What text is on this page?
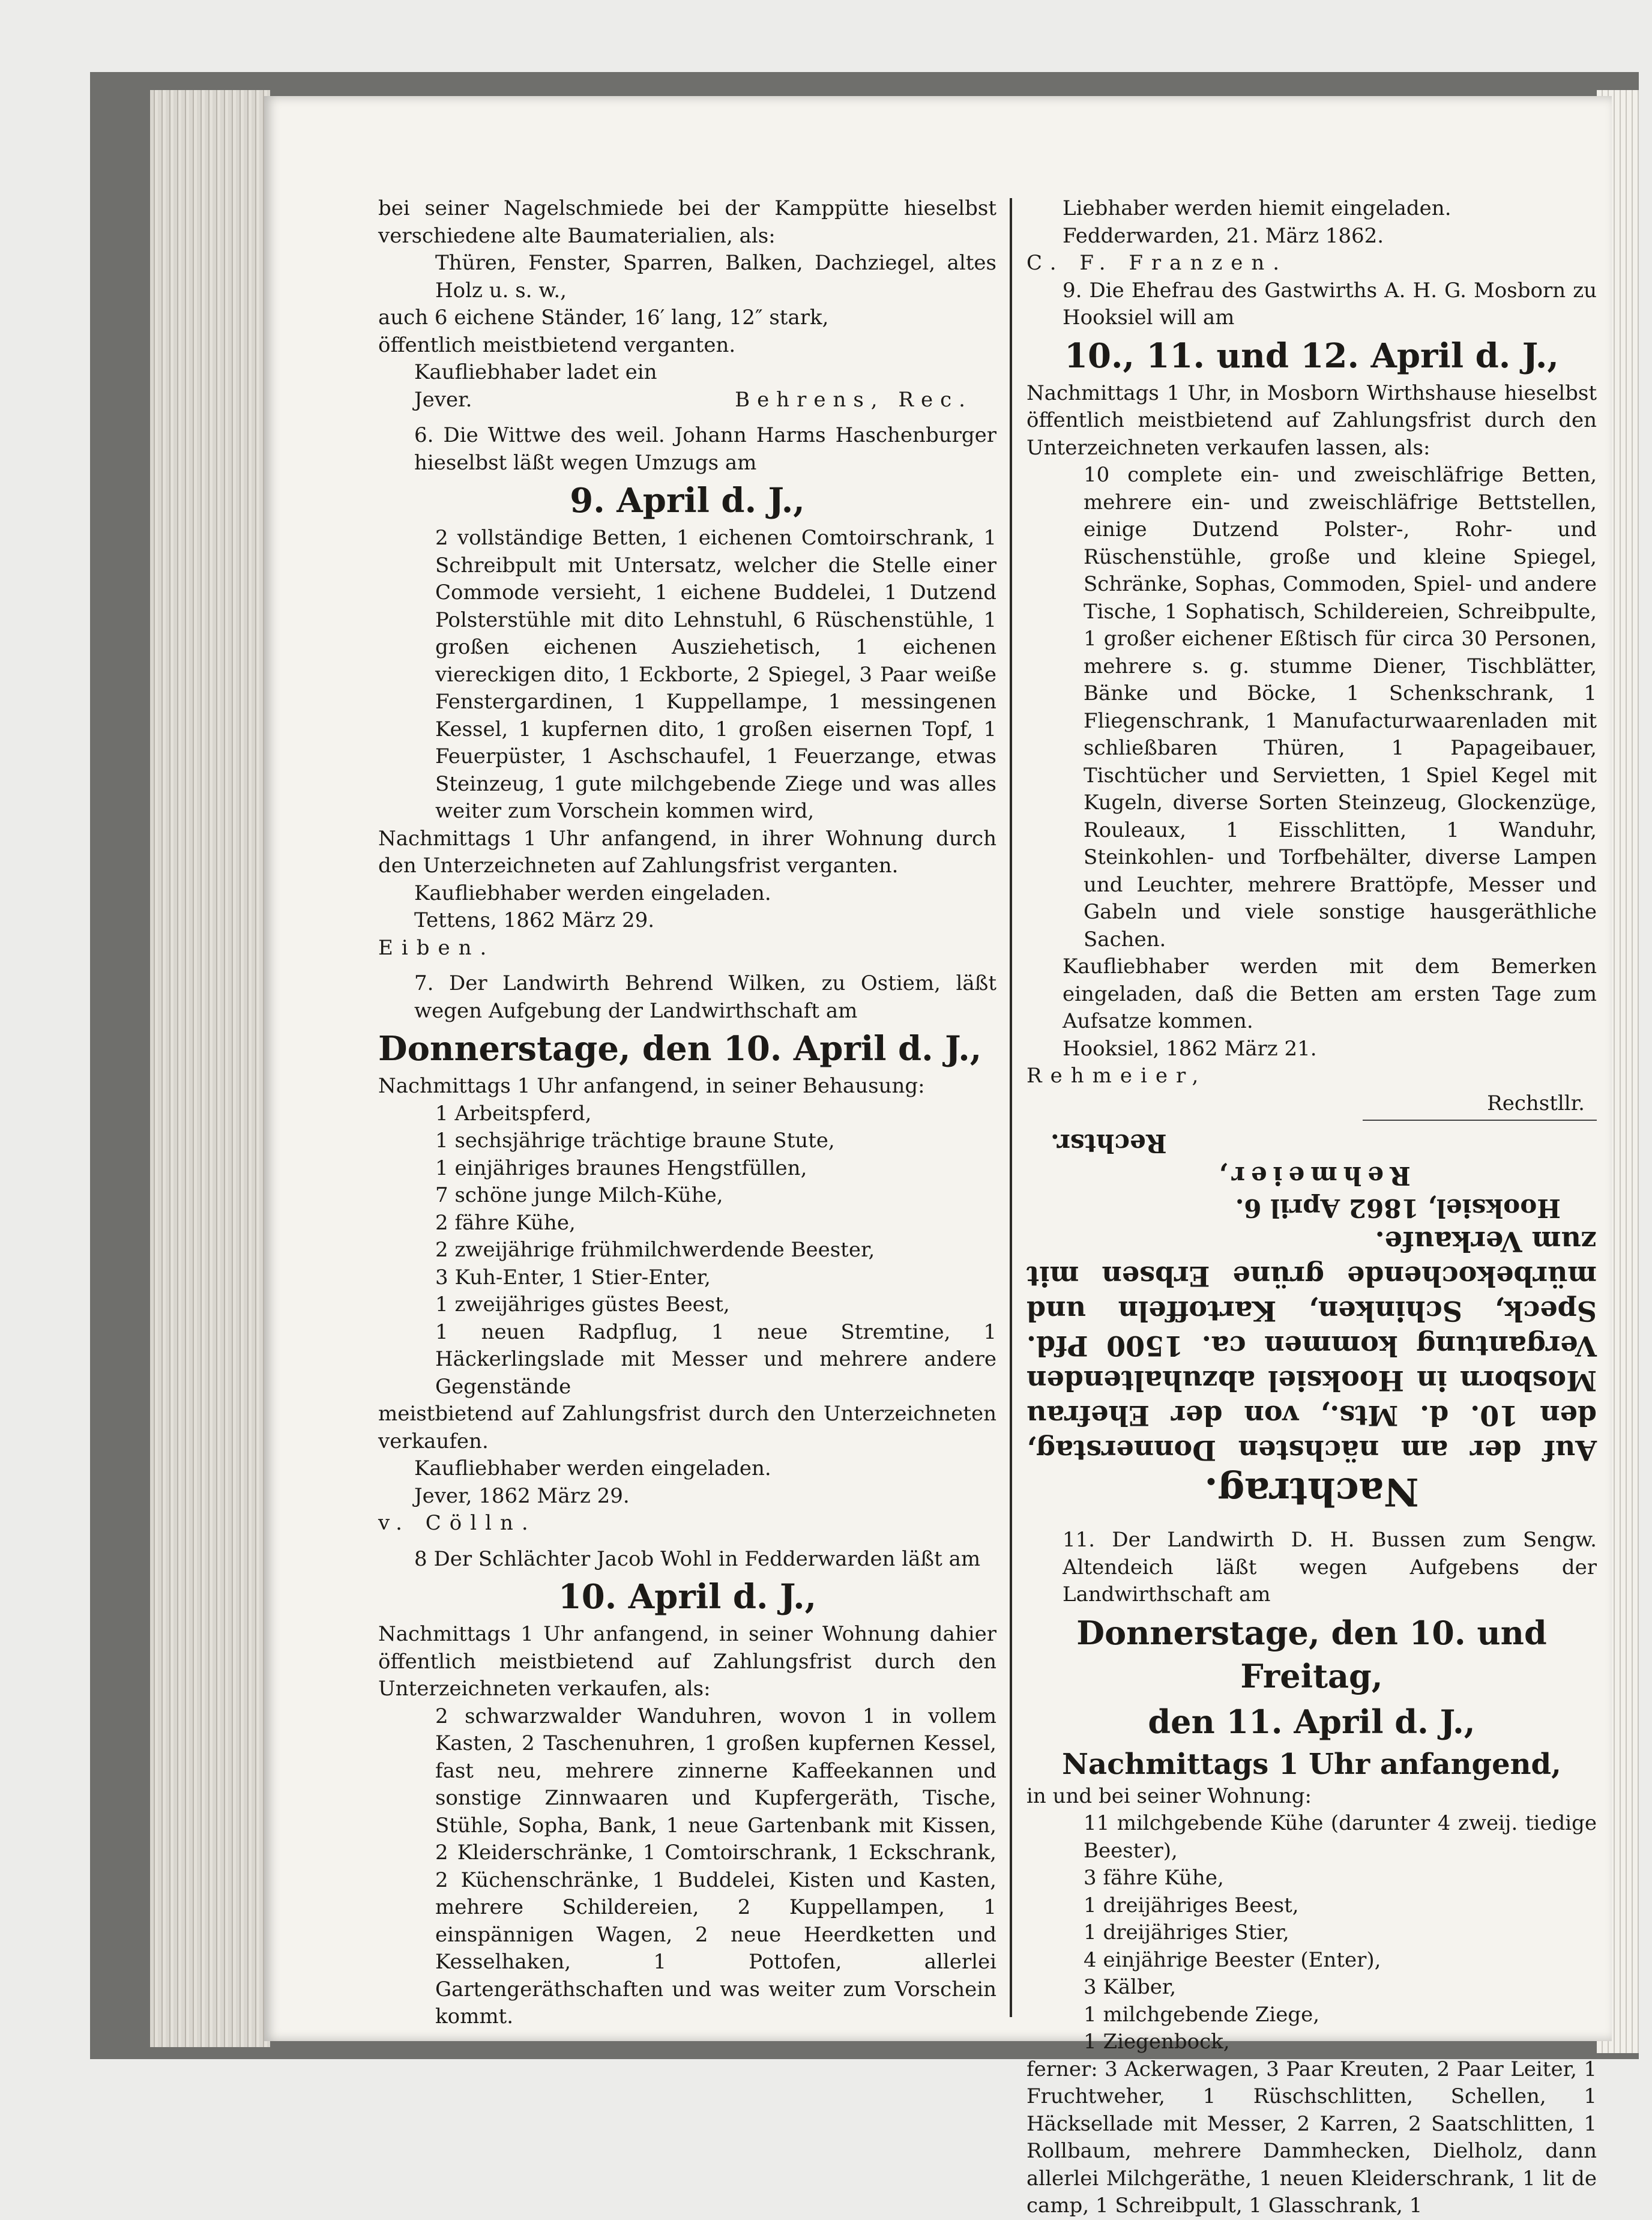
bei seiner Nagelschmiede bei der Kamppütte hieselbst verschiedene alte Baumaterialien, als:

Thüren, Fenster, Sparren, Balken, Dachziegel, altes Holz u. s. w.,

auch 6 eichene Ständer, 16′ lang, 12″ stark,

öffentlich meistbietend verganten.

Kaufliebhaber ladet ein

Jever.	Behrens, Rec.

6. Die Wittwe des weil. Johann Harms Haschenburger hieselbst läßt wegen Umzugs am

9. April d. J.,

2 vollständige Betten, 1 eichenen Comtoirschrank, 1 Schreibpult mit Untersatz, welcher die Stelle einer Commode versieht, 1 eichene Buddelei, 1 Dutzend Polsterstühle mit dito Lehnstuhl, 6 Rüschenstühle, 1 großen eichenen Ausziehetisch, 1 eichenen viereckigen dito, 1 Eckborte, 2 Spiegel, 3 Paar weiße Fenstergardinen, 1 Kuppellampe, 1 messingenen Kessel, 1 kupfernen dito, 1 großen eisernen Topf, 1 Feuerpüster, 1 Aschschaufel, 1 Feuerzange, etwas Steinzeug, 1 gute milchgebende Ziege und was alles weiter zum Vorschein kommen wird,

Nachmittags 1 Uhr anfangend, in ihrer Wohnung durch den Unterzeichneten auf Zahlungsfrist verganten.

Kaufliebhaber werden eingeladen.

Tettens, 1862 März 29.

Eiben.

7. Der Landwirth Behrend Wilken, zu Ostiem, läßt wegen Aufgebung der Landwirthschaft am

Donnerstage, den 10. April d. J.,

Nachmittags 1 Uhr anfangend, in seiner Behausung:

1 Arbeitspferd,

1 sechsjährige trächtige braune Stute,

1 einjähriges braunes Hengstfüllen,

7 schöne junge Milch-Kühe,

2 fähre Kühe,

2 zweijährige frühmilchwerdende Beester,

3 Kuh-Enter, 1 Stier-Enter,

1 zweijähriges güstes Beest,

1 neuen Radpflug, 1 neue Stremtine, 1 Häckerlingslade mit Messer und mehrere andere Gegenstände

meistbietend auf Zahlungsfrist durch den Unterzeichneten verkaufen.

Kaufliebhaber werden eingeladen.

Jever, 1862 März 29.

v. Cölln.

8 Der Schlächter Jacob Wohl in Fedderwarden läßt am

10. April d. J.,

Nachmittags 1 Uhr anfangend, in seiner Wohnung dahier öffentlich meistbietend auf Zahlungsfrist durch den Unterzeichneten verkaufen, als:

2 schwarzwalder Wanduhren, wovon 1 in vollem Kasten, 2 Taschenuhren, 1 großen kupfernen Kessel, fast neu, mehrere zinnerne Kaffeekannen und sonstige Zinnwaaren und Kupfergeräth, Tische, Stühle, Sopha, Bank, 1 neue Gartenbank mit Kissen, 2 Kleiderschränke, 1 Comtoirschrank, 1 Eckschrank, 2 Küchenschränke, 1 Buddelei, Kisten und Kasten, mehrere Schildereien, 2 Kuppellampen, 1 einspännigen Wagen, 2 neue Heerdketten und Kesselhaken, 1 Pottofen, allerlei Gartengeräthschaften und was weiter zum Vorschein kommt.

Liebhaber werden hiemit eingeladen.

Fedderwarden, 21. März 1862.

C. F. Franzen.

9. Die Ehefrau des Gastwirths A. H. G. Mosborn zu Hooksiel will am

10., 11. und 12. April d. J.,

Nachmittags 1 Uhr, in Mosborn Wirthshause hieselbst öffentlich meistbietend auf Zahlungsfrist durch den Unterzeichneten verkaufen lassen, als:

10 complete ein- und zweischläfrige Betten, mehrere ein- und zweischläfrige Bettstellen, einige Dutzend Polster-, Rohr- und Rüschenstühle, große und kleine Spiegel, Schränke, Sophas, Commoden, Spiel- und andere Tische, 1 Sophatisch, Schildereien, Schreibpulte, 1 großer eichener Eßtisch für circa 30 Personen, mehrere s. g. stumme Diener, Tischblätter, Bänke und Böcke, 1 Schenkschrank, 1 Fliegenschrank, 1 Manufacturwaarenladen mit schließbaren Thüren, 1 Papageibauer, Tischtücher und Servietten, 1 Spiel Kegel mit Kugeln, diverse Sorten Steinzeug, Glockenzüge, Rouleaux, 1 Eisschlitten, 1 Wanduhr, Steinkohlen- und Torfbehälter, diverse Lampen und Leuchter, mehrere Brattöpfe, Messer und Gabeln und viele sonstige hausgeräthliche Sachen.

Kaufliebhaber werden mit dem Bemerken eingeladen, daß die Betten am ersten Tage zum Aufsatze kommen.

Hooksiel, 1862 März 21.

Rehmeier,

Rechstllr.

Nachtrag.
Auf der am nächsten Donnerstag, den 10. d. Mts., von der Ehefrau Mosborn in Hooksiel abzuhaltenden Vergantung kommen ca. 1500 Pfd. Speck, Schinken, Kartoffeln und mürbekochende grüne Erbsen mit zum Verkaufe.
Hooksiel, 1862 April 6.
Rehmeier,
Rechtsr.

11. Der Landwirth D. H. Bussen zum Sengw. Altendeich läßt wegen Aufgebens der Landwirthschaft am

Donnerstage, den 10. und Freitag,
den 11. April d. J.,
Nachmittags 1 Uhr anfangend,

in und bei seiner Wohnung:

11 milchgebende Kühe (darunter 4 zweij. tiedige Beester),

3 fähre Kühe,

1 dreijähriges Beest,

1 dreijähriges Stier,

4 einjährige Beester (Enter),

3 Kälber,

1 milchgebende Ziege,

1 Ziegenbock,

ferner: 3 Ackerwagen, 3 Paar Kreuten, 2 Paar Leiter, 1 Fruchtweher, 1 Rüschschlitten, Schellen, 1 Häcksellade mit Messer, 2 Karren, 2 Saatschlitten, 1 Rollbaum, mehrere Dammhecken, Dielholz, dann allerlei Milchgeräthe, 1 neuen Kleiderschrank, 1 lit de camp, 1 Schreibpult, 1 Glasschrank, 1
